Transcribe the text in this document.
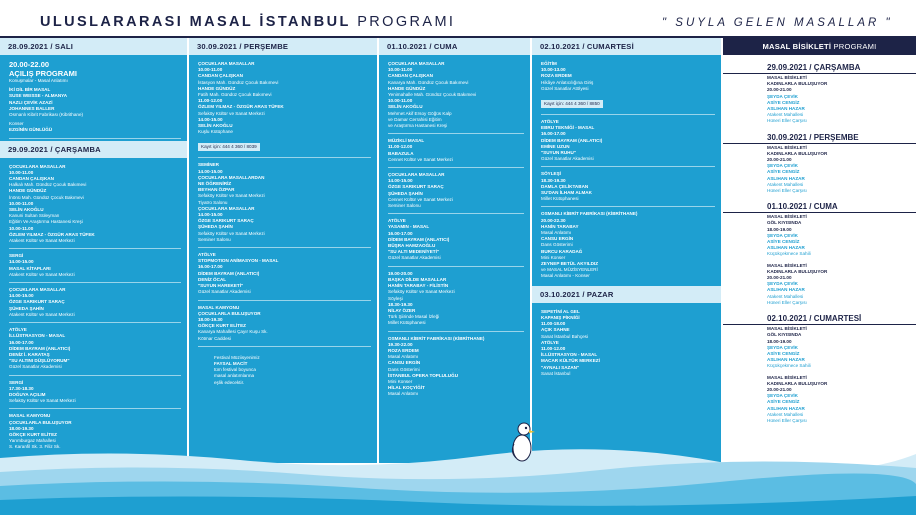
ULUSLARARASI MASAL İSTANBUL PROGRAMI	" SUYLA GELEN MASALLAR "
28.09.2021 / SALI
20.00-22.00
AÇILIŞ PROGRAMI
Konuşmalar - Masal Anlatımı
İKİ DİL BİR MASAL
SUSE WEISSE - ALMANYA
NAZLI ÇEVİK AZAZİ
JOHANNES BALLER
Osmanlı Kibrit Fabrikası (Kibrithane)
Konser
EZGİNİN GÜNLÜĞÜ
29.09.2021 / ÇARŞAMBA
ÇOCUKLARA MASALLAR
10.00-11.00
CANDAN ÇALIŞKAN
Halkalı Mah. Gündüz Çocuk Bakımevi
HANDE GÜNDÜZ
İnönü Mah. Gündüz Çocuk Bakımevi
10.00-11.00
SELİN AKOĞLU
Kanuni Sultan Süleyman
Eğitim Ve Araştırma Hastanesi Kreşi
10.00-11.00
ÖZLEM YILMAZ - ÖZGÜR ARAS TÜFEK
Atakent Kültür ve Sanat Merkezi
SERGİ
14.00-15.00
MASAL KİTAPLARI
Atakent Kültür ve Sanat Merkezi
ÇOCUKLARA MASALLAR
14.00-15.00
ÖZGE SARIKURT SARAÇ
ŞÜHEDA ŞAHİN
Atakent Kültür ve Sanat Merkezi
ATÖLYE
İLLÜSTRASYON - MASAL
16.00-17.00
DİDEM BAYRAM (ANLATICI)
DENİZ İ. KARATAŞ
"SU ALTINI DÜŞLÜYORUM"
Güzel Sanatlar Akademisi
SERGİ
17.30-18.30
DOĞUYA AÇILIM
Sefaköy Kültür ve Sanat Merkezi
MASAL KAMYONU
ÇOCUKLARLA BULUŞUYOR
18.00-19.30
GÖKÇE KURT ELİTEZ
Yarımburgaz Mahallesi
S. Karanfil Sk. 3. Filiz Sk.
30.09.2021 / PERŞEMBE
ÇOCUKLARA MASALLAR
10.00-11.00
CANDAN ÇALIŞKAN
İstasyon Mah. Gündüz Çocuk Bakımevi
HANDE GÜNDÜZ
Fatih Mah. Gündüz Çocuk Bakımevi
11.00-12.00
ÖZLEM YILMAZ - ÖZGÜR ARAS TÜFEK
Sefaköy Kültür ve Sanat Merkezi
14.00-15.00
SELİN AKOĞLU
Kuşlu Kütüphane
Kayıt için: 444 4 360 / 8039
SEMİNER
14.00-15.00
ÇOCUKLARA MASALLARDAN
NE ÖĞRENİRİZ
BEYHAN ÖZPAR
Sefaköy Kültür ve Sanat Merkezi
Tiyatro Salonu
ÇOCUKLARA MASALLAR
14.00-15.00
ÖZGE SARIKURT SARAÇ
ŞÜHEDA ŞAHİN
Sefaköy Kültür ve Sanat Merkezi
Seminer Salonu
ATÖLYE
STOPMOTION ANİMASYON - MASAL
16.00-17.00
DİDEM BAYRAM (ANLATICI)
DENİZ ÖCAL
"SUYUN HAREKETİ"
Güzel Sanatlar Akademisi
MASAL KAMYONU
ÇOCUKLARLA BULUŞUYOR
18.00-19.30
GÖKÇE KURT ELİTEZ
Kanarya Mahallesi Çayır Kuşu Sk.
Kötmar Caddesi
Festival Müziisyenimiz
FAYSAL MACİT
tüm festival boyunca
masal anlatımlarına
eşlik edecektir.
01.10.2021 / CUMA
ÇOCUKLARA MASALLAR
10.00-11.00
CANDAN ÇALIŞKAN
Kanarya Mah. Gündüz Çocuk Bakımevi
HANDE GÜNDÜZ
Yenimahalle Mah. Gündüz Çocuk Bakımevi
10.00-11.00
SELİN AKOĞLU
Mehmet Akif Ersoy Göğüs Kalp
ve Damar Cerrahisi Eğitim
ve Araştırma Hastanesi Kreşi
MÜZİKLİ MASAL
11.00-12.00
BABAZULA
Cennet Kültür ve Sanat Merkezi
ÇOCUKLARA MASALLAR
14.00-15.00
ÖZGE SARIKURT SARAÇ
ŞÜHEDA ŞAHİN
Cennet Kültür ve Sanat Merkezi
Seminer Salonu
ATÖLYE
YASAMIN - MASAL
16.00-17.00
DİDEM BAYRAM (ANLATICI)
BÜŞRA HAMZAOĞLU
"SU ALTI MEDENİYETİ"
Güzel Sanatlar Akademisi
19.00-20.00
BAŞKA DİLDE MASALLAR
HANİN TARABAY - FİLİSTİN
Sefaköy Kültür ve Sanat Merkezi
Söyleşi
18.30-19.30
NİLAY ÖZER
Türk Şiirinde Masal İzleği
Millet Kütüphanesi
OSMANLI KİBRİT FABRİKASI (KİBRİTHANE)
19.30-22.00
ROZA ERDEM
Masal Anlatımı
CANSU ERGİN
Dans Gösterimi
İSTANBUL OPERA TOPLULUĞU
Mini Konser
HİLAL KOÇYİĞİT
Masal Anlatımı
02.10.2021 / CUMARTESİ
EĞİTİM
10.00-13.00
ROZA ERDEM
Hikâye Anlatıcılığına Giriş
Güzel Sanatlar Atölyesi
Kayıt için: 444 4 360 / 8850
ATÖLYE
EBRU TEKNİĞİ - MASAL
16.00-17.00
DİDEM BAYRAM (ANLATICI)
EMİNE UZUN
"SUYUN RUHU"
Güzel Sanatlar Akademisi
SÖYLEŞİ
18.30-19.30
DAMLA ÇELİKTABAN
SU'DAN İLHAM ALMAK
Millet Kütüphanesi
OSMANLI KİBRİT FABRİKASI (KİBRİTHANE)
20.00-22.30
HANİN TARABAY
Masal Anlatımı
CANSU ERGİN
Dans Gösterimi
BURCU KARADAĞ
Mini Konser
ZEYNEP BETÜL AKYILDIZ
ve MASAL MÜZİSYENLERİ
Masal Anlatımı - Konser
03.10.2021 / PAZAR
SEPETİNİ AL GEL
KAPANIŞ PİKNİĞİ
11.00-18.00
AÇIK SAHNE
Sanat İstanbul Bahçesi
ATÖLYE
11.00-12.00
İLLÜSTRASYON - MASAL
MACAR KÜLTÜR MERKEZİ
"AYNALI SAZAN"
Sanat İstanbul
MASAL BİSİKLETİ PROGRAMI
29.09.2021 / ÇARŞAMBA
MASAL BİSİKLETİ
KADINLARLA BULUŞUYOR
20.00-21.00
ŞEYDA ÇEVİK
ASİYE CENGİZ
ASLIHAN HAZAR
Atakent Mahallesi
Hüneri Eller Çarşısı
30.09.2021 / PERŞEMBE
MASAL BİSİKLETİ
KADINLARLA BULUŞUYOR
20.00-21.00
ŞEYDA ÇEVİK
ASİYE CENGİZ
ASLIHAN HAZAR
Atakent Mahallesi
Hüneri Eller Çarşısı
01.10.2021 / CUMA
MASAL BİSİKLETİ
GÖL KIYISINDA
18.00-19.00
ŞEYDA ÇEVİK
ASİYE CENGİZ
ASLIHAN HAZAR
Küçükçekmece Sahili
MASAL BİSİKLETİ
KADINLARLA BULUŞUYOR
20.00-21.00
ŞEYDA ÇEVİK
ASLIHAN HAZAR
Atakent Mahallesi
Hüneri Eller Çarşısı
02.10.2021 / CUMARTESİ
MASAL BİSİKLETİ
GÖL KIYISINDA
18.00-19.00
ŞEYDA ÇEVİK
ASİYE CENGİZ
ASLIHAN HAZAR
Küçükçekmece Sahili
MASAL BİSİKLETİ
KADINLARLA BULUŞUYOR
20.00-21.00
ŞEYDA ÇEVİK
ASİYE CENGİZ
ASLIHAN HAZAR
Atakent Mahallesi
Hüneri Eller Çarşısı
